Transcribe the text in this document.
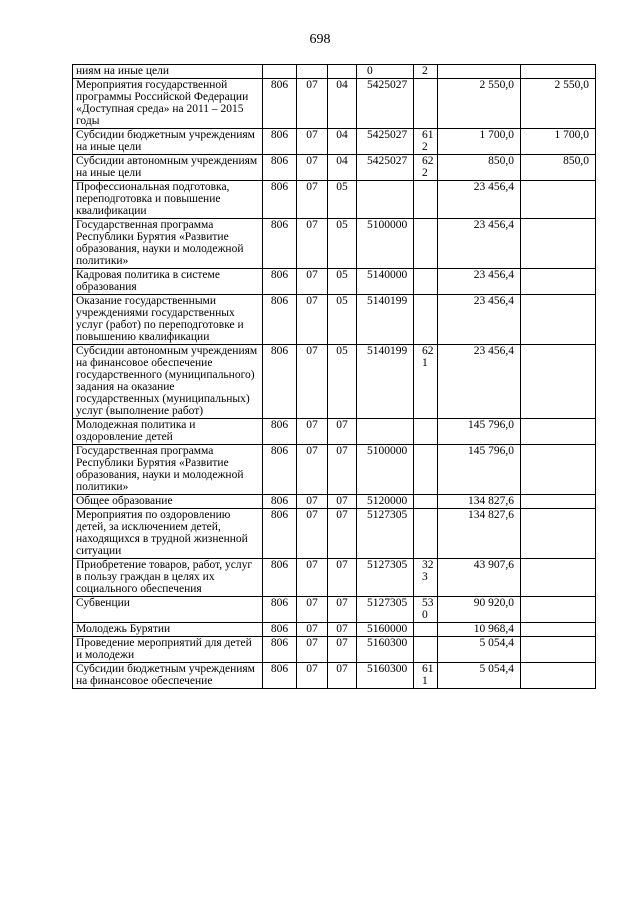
698
ниям на иные цели				0	2		
Мероприятия государственной программы Российской Федерации «Доступная среда» на 2011 – 2015 годы	806	07	04	5425027		2 550,0	2 550,0
Субсидии бюджетным учреждениям на иные цели	806	07	04	5425027	612	1 700,0	1 700,0
Субсидии автономным учреждениям на иные цели	806	07	04	5425027	622	850,0	850,0
Профессиональная подготовка, переподготовка и повышение квалификации	806	07	05			23 456,4	
Государственная программа Республики Бурятия «Развитие образования, науки и молодежной политики»	806	07	05	5100000		23 456,4	
Кадровая политика в системе образования	806	07	05	5140000		23 456,4	
Оказание государственными учреждениями государственных услуг (работ) по переподготовке и повышению квалификации	806	07	05	5140199		23 456,4	
Субсидии автономным учреждениям на финансовое обеспечение государственного (муниципального) задания на оказание государственных (муниципальных) услуг (выполнение работ)	806	07	05	5140199	621	23 456,4	
Молодежная политика и оздоровление детей	806	07	07			145 796,0	
Государственная программа Республики Бурятия «Развитие образования, науки и молодежной политики»	806	07	07	5100000		145 796,0	
Общее образование	806	07	07	5120000		134 827,6	
Мероприятия по оздоровлению детей, за исключением детей, находящихся в трудной жизненной ситуации	806	07	07	5127305		134 827,6	
Приобретение товаров, работ, услуг в пользу граждан в целях их социального обеспечения	806	07	07	5127305	323	43 907,6	
Субвенции	806	07	07	5127305	530	90 920,0	
Молодежь Бурятии	806	07	07	5160000		10 968,4	
Проведение мероприятий для детей и молодежи	806	07	07	5160300		5 054,4	
Субсидии бюджетным учреждениям на финансовое обеспечение	806	07	07	5160300	611	5 054,4	
